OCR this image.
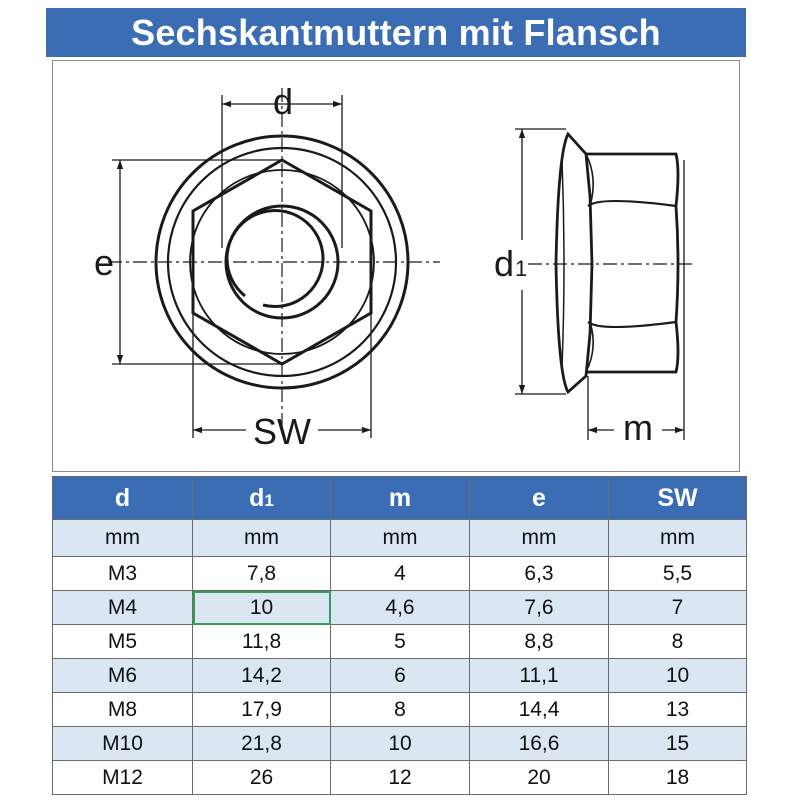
Sechskantmuttern mit Flansch
d
e
SW
d1
m
d	d1	m	e	SW
mm	mm	mm	mm	mm
M3	7,8	4	6,3	5,5
M4	10	4,6	7,6	7
M5	11,8	5	8,8	8
M6	14,2	6	11,1	10
M8	17,9	8	14,4	13
M10	21,8	10	16,6	15
M12	26	12	20	18
